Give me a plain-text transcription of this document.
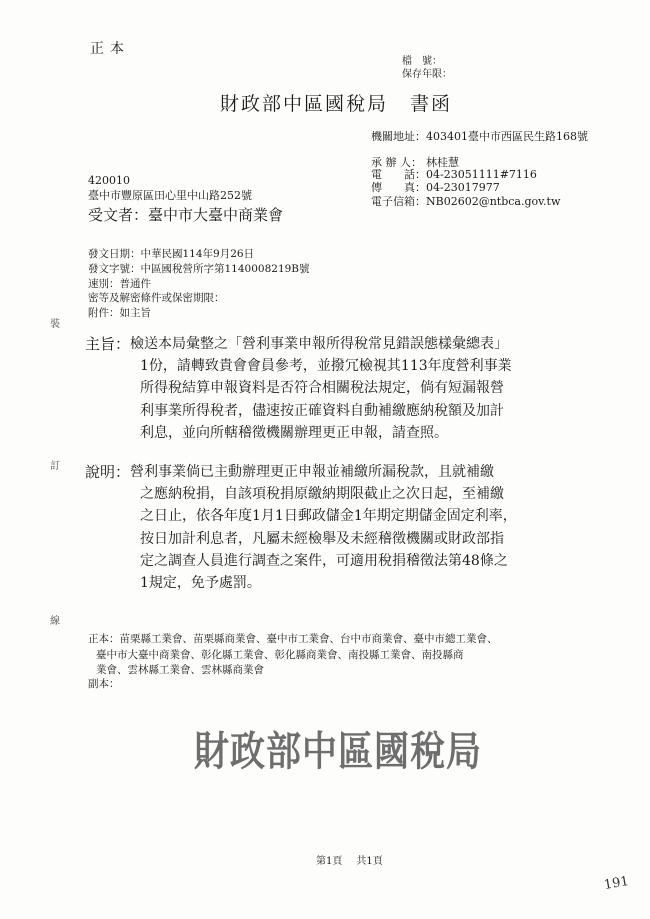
正本
檔　號：
保存年限：
財政部中區國稅局 書函
機關地址：403401臺中市西區民生路168號
承 辦 人： 林桂慧
電　　話：04-23051111#7116
傳　　真：04-23017977
電子信箱：NB02602@ntbca.gov.tw
420010
臺中市豐原區田心里中山路252號
受文者：臺中市大臺中商業會
發文日期：中華民國114年9月26日
發文字號：中區國稅營所字第1140008219B號
速別：普通件
密等及解密條件或保密期限：
附件：如主旨
裝
訂
線
主旨： 檢送本局彙整之「營利事業申報所得稅常見錯誤態樣彙總表」
1份，請轉致貴會會員參考，並撥冗檢視其113年度營利事業
所得稅結算申報資料是否符合相關稅法規定，倘有短漏報營
利事業所得稅者，儘速按正確資料自動補繳應納稅額及加計
利息，並向所轄稽徵機關辦理更正申報，請查照。
說明： 營利事業倘已主動辦理更正申報並補繳所漏稅款，且就補繳
之應納稅捐，自該項稅捐原繳納期限截止之次日起，至補繳
之日止，依各年度1月1日郵政儲金1年期定期儲金固定利率，
按日加計利息者，凡屬未經檢舉及未經稽徵機關或財政部指
定之調查人員進行調查之案件，可適用稅捐稽徵法第48條之
1規定，免予處罰。
正本：苗栗縣工業會、苗栗縣商業會、臺中市工業會、台中市商業會、臺中市總工業會、
臺中市大臺中商業會、彰化縣工業會、彰化縣商業會、南投縣工業會、南投縣商
業會、雲林縣工業會、雲林縣商業會
副本：
財政部中區國稅局
第1頁 共1頁
191
